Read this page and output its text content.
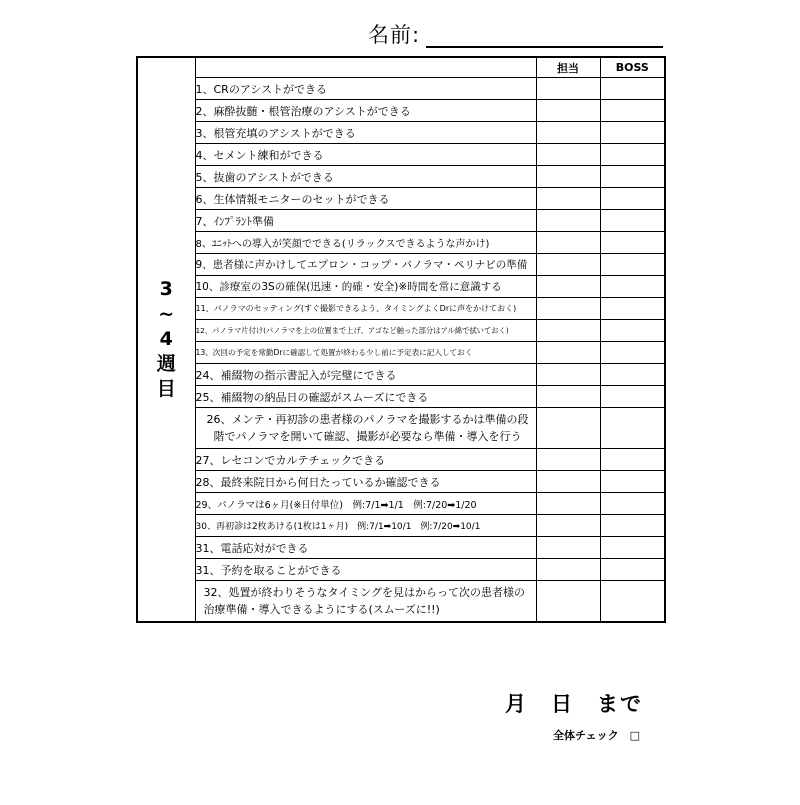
名前:
3~4週目		担当	BOSS
	1、CRのアシストができる		
	2、麻酔抜髄・根管治療のアシストができる		
	3、根管充填のアシストができる		
	4、セメント練和ができる		
	5、抜歯のアシストができる		
	6、生体情報モニターのセットができる		
	7、ｲﾝﾌﾟﾗﾝﾄ準備		
	8、ﾕﾆｯﾄへの導入が笑顔でできる(リラックスできるような声かけ)		
	9、患者様に声かけしてエプロン・コップ・パノラマ・ペリナビの準備		
	10、診療室の3Sの確保(迅速・的確・安全)※時間を常に意識する		
	11、パノラマのセッティング(すぐ撮影できるよう、タイミングよくDrに声をかけておく)		
	12、パノラマ片付け(パノラマを上の位置まで上げ、アゴなど触った部分はアル綿で拭いておく)		
	13、次回の予定を常勤Drに確認して処置が終わる少し前に予定表に記入しておく		
	24、補綴物の指示書記入が完璧にできる		
	25、補綴物の納品日の確認がスムーズにできる		
	26、メンテ・再初診の患者様のパノラマを撮影するかは準備の段階でパノラマを開いて確認、撮影が必要なら準備・導入を行う		
	27、レセコンでカルテチェックできる		
	28、最終来院日から何日たっているか確認できる		
	29、パノラマは6ヶ月(※日付単位)　例:7/1➡1/1　例:7/20➡1/20		
	30、再初診は2枚あける(1枚は1ヶ月)　例:7/1➡10/1　例:7/20➡10/1		
	31、電話応対ができる		
	31、予約を取ることができる		
	32、処置が終わりそうなタイミングを見はからって次の患者様の治療準備・導入できるようにする(スムーズに!!)		
月　日　まで
全体チェック　□
